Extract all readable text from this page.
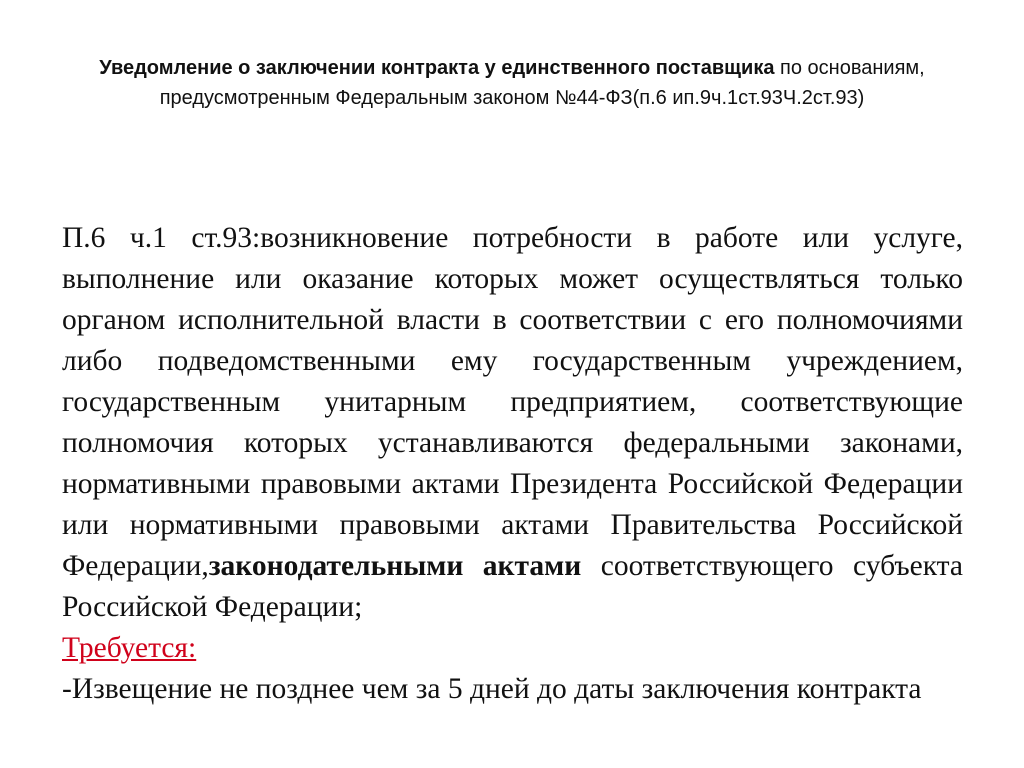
Уведомление о заключении контракта у единственного поставщика по основаниям, предусмотренным Федеральным законом №44-ФЗ(п.6 ип.9ч.1ст.93Ч.2ст.93)

П.6 ч.1 ст.93:возникновение потребности в работе или услуге, выполнение или оказание которых может осуществляться только органом исполнительной власти в соответствии с его полномочиями либо подведомственными ему государственным учреждением, государственным унитарным предприятием, соответствующие полномочия которых устанавливаются федеральными законами, нормативными правовыми актами Президента Российской Федерации или нормативными правовыми актами Правительства Российской Федерации,законодательными актами соответствующего субъекта Российской Федерации;

Требуется:

-Извещение не позднее чем за 5 дней до даты заключения контракта
